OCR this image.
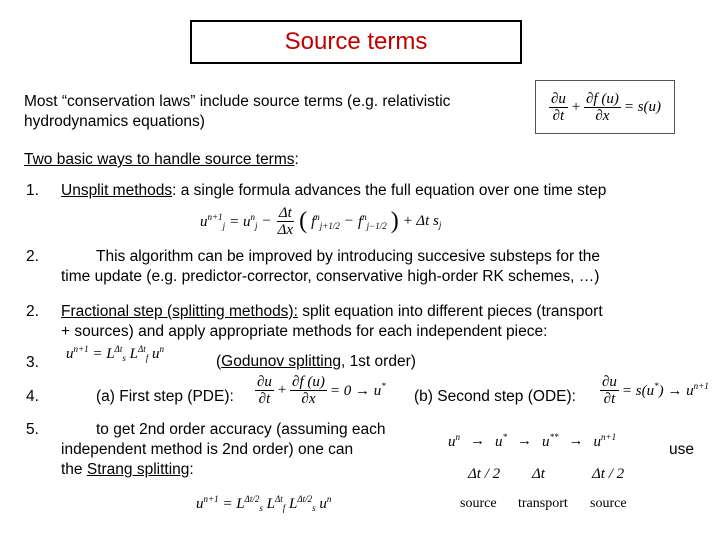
Source terms
Most “conservation laws” include source terms (e.g. relativistic
hydrodynamics equations)	$\frac{\partial u}{\partial t} + \frac{\partial f (u)}{\partial x} = s(u)$
Two basic ways to handle source terms:
1. Unsplit methods: a single formula advances the full equation over one time step
$u^{n+1}_j = u^n_j - \frac{\Delta t}{\Delta x}$ ( $f^n_{j+1/2} - f^n_{j-1/2}$ ) + Δt $s_j$
2.	This algorithm can be improved by introducing succesive substeps for the
time update (e.g. predictor-corrector, conservative high-order RK schemes, …)
2. Fractional step (splitting methods): split equation into different pieces (transport
+ sources) and apply appropriate methods for each independent piece:
3. $u^{n+1} = L^{\Delta t}_s$ $L^{\Delta t}_f$ $u^n$
(Godunov splitting, 1st order)
4.	(a) First step (PDE): $\frac{\partial u}{\partial t} + \frac{\partial f (u)}{\partial x} = 0 \to u^*$
(b) Second step (ODE): $\frac{\partial u}{\partial t} = s(u^*) \to u^{n+1}$
5.	to get 2nd order accuracy (assuming each
independent method is 2nd order) one can	use
the Strang splitting:
$u^n \to u^* \to u^{**} \to u^{n+1}$
Δt / 2 Δt	Δt / 2
source transport source
$u^{n+1} = L^{\Delta t/2}_s$ $L^{\Delta t}_f$ $L^{\Delta t/2}_s$ $u^n$
